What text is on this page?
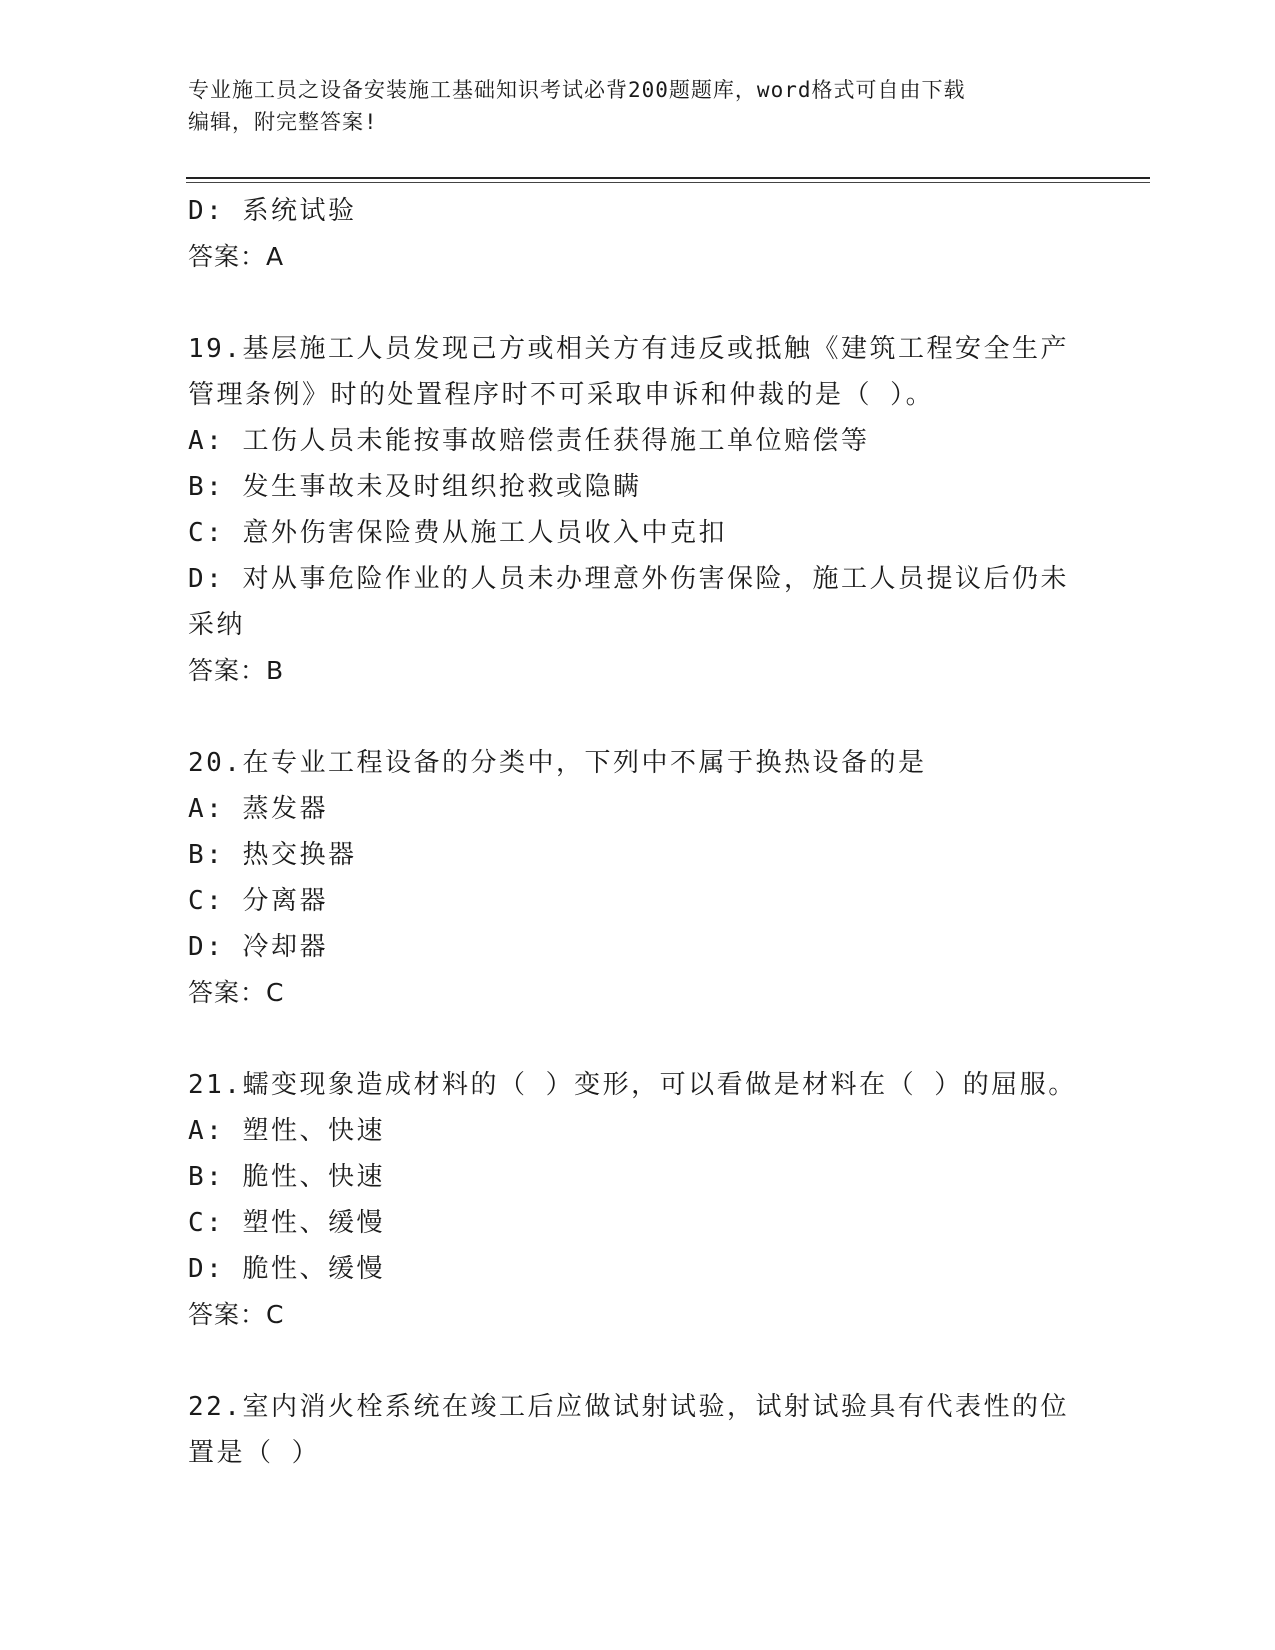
专业施工员之设备安装施工基础知识考试必背200题题库，word格式可自由下载
编辑，附完整答案!
D: 系统试验
答案：A
19.基层施工人员发现己方或相关方有违反或抵触《建筑工程安全生产
管理条例》时的处置程序时不可采取申诉和仲裁的是（ ）。
A: 工伤人员未能按事故赔偿责任获得施工单位赔偿等
B: 发生事故未及时组织抢救或隐瞒
C: 意外伤害保险费从施工人员收入中克扣
D: 对从事危险作业的人员未办理意外伤害保险，施工人员提议后仍未
采纳
答案：B
20.在专业工程设备的分类中，下列中不属于换热设备的是
A: 蒸发器
B: 热交换器
C: 分离器
D: 冷却器
答案：C
21.蠕变现象造成材料的（ ）变形，可以看做是材料在（ ）的屈服。
A: 塑性、快速
B: 脆性、快速
C: 塑性、缓慢
D: 脆性、缓慢
答案：C
22.室内消火栓系统在竣工后应做试射试验，试射试验具有代表性的位
置是（ ）
